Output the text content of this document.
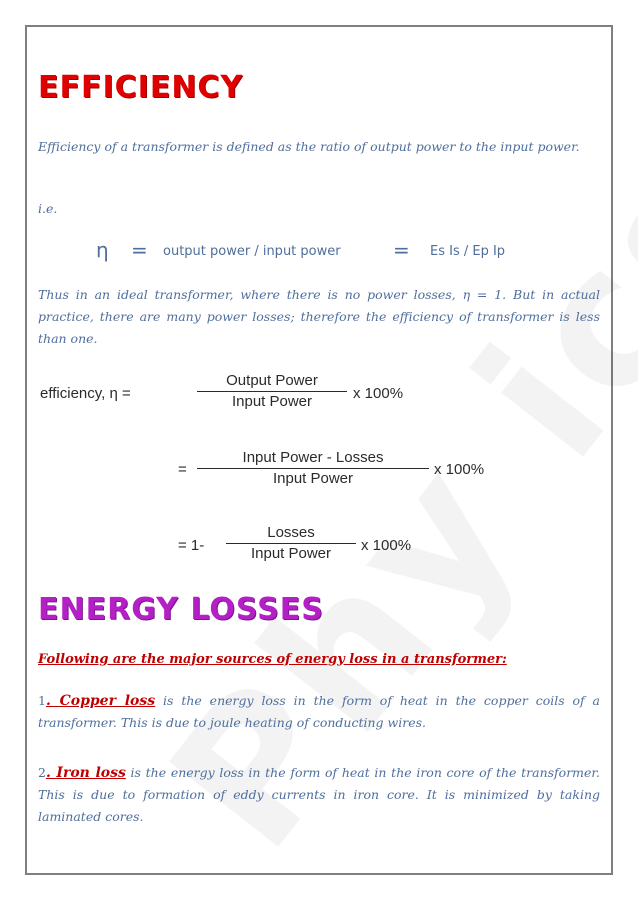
EFFICIENCY

Efficiency of a transformer is defined as the ratio of output power to the input power.

i.e.

η = output power / input power	= Es Is / Ep Ip

Thus in an ideal transformer, where there is no power losses, η = 1. But in actual practice, there are many power losses; therefore the efficiency of transformer is less than one.

efficiency, η =
Output Power
Input Power	x 100%
=
Input Power - Losses
Input Power
x 100%
= 1-
Losses
Input Power	x 100%
ENERGY LOSSES

Following are the major sources of energy loss in a transformer:

1. Copper loss is the energy loss in the form of heat in the copper coils of a transformer. This is due to joule heating of conducting wires.

2. Iron loss is the energy loss in the form of heat in the iron core of the transformer. This is due to formation of eddy currents in iron core. It is minimized by taking laminated cores.
